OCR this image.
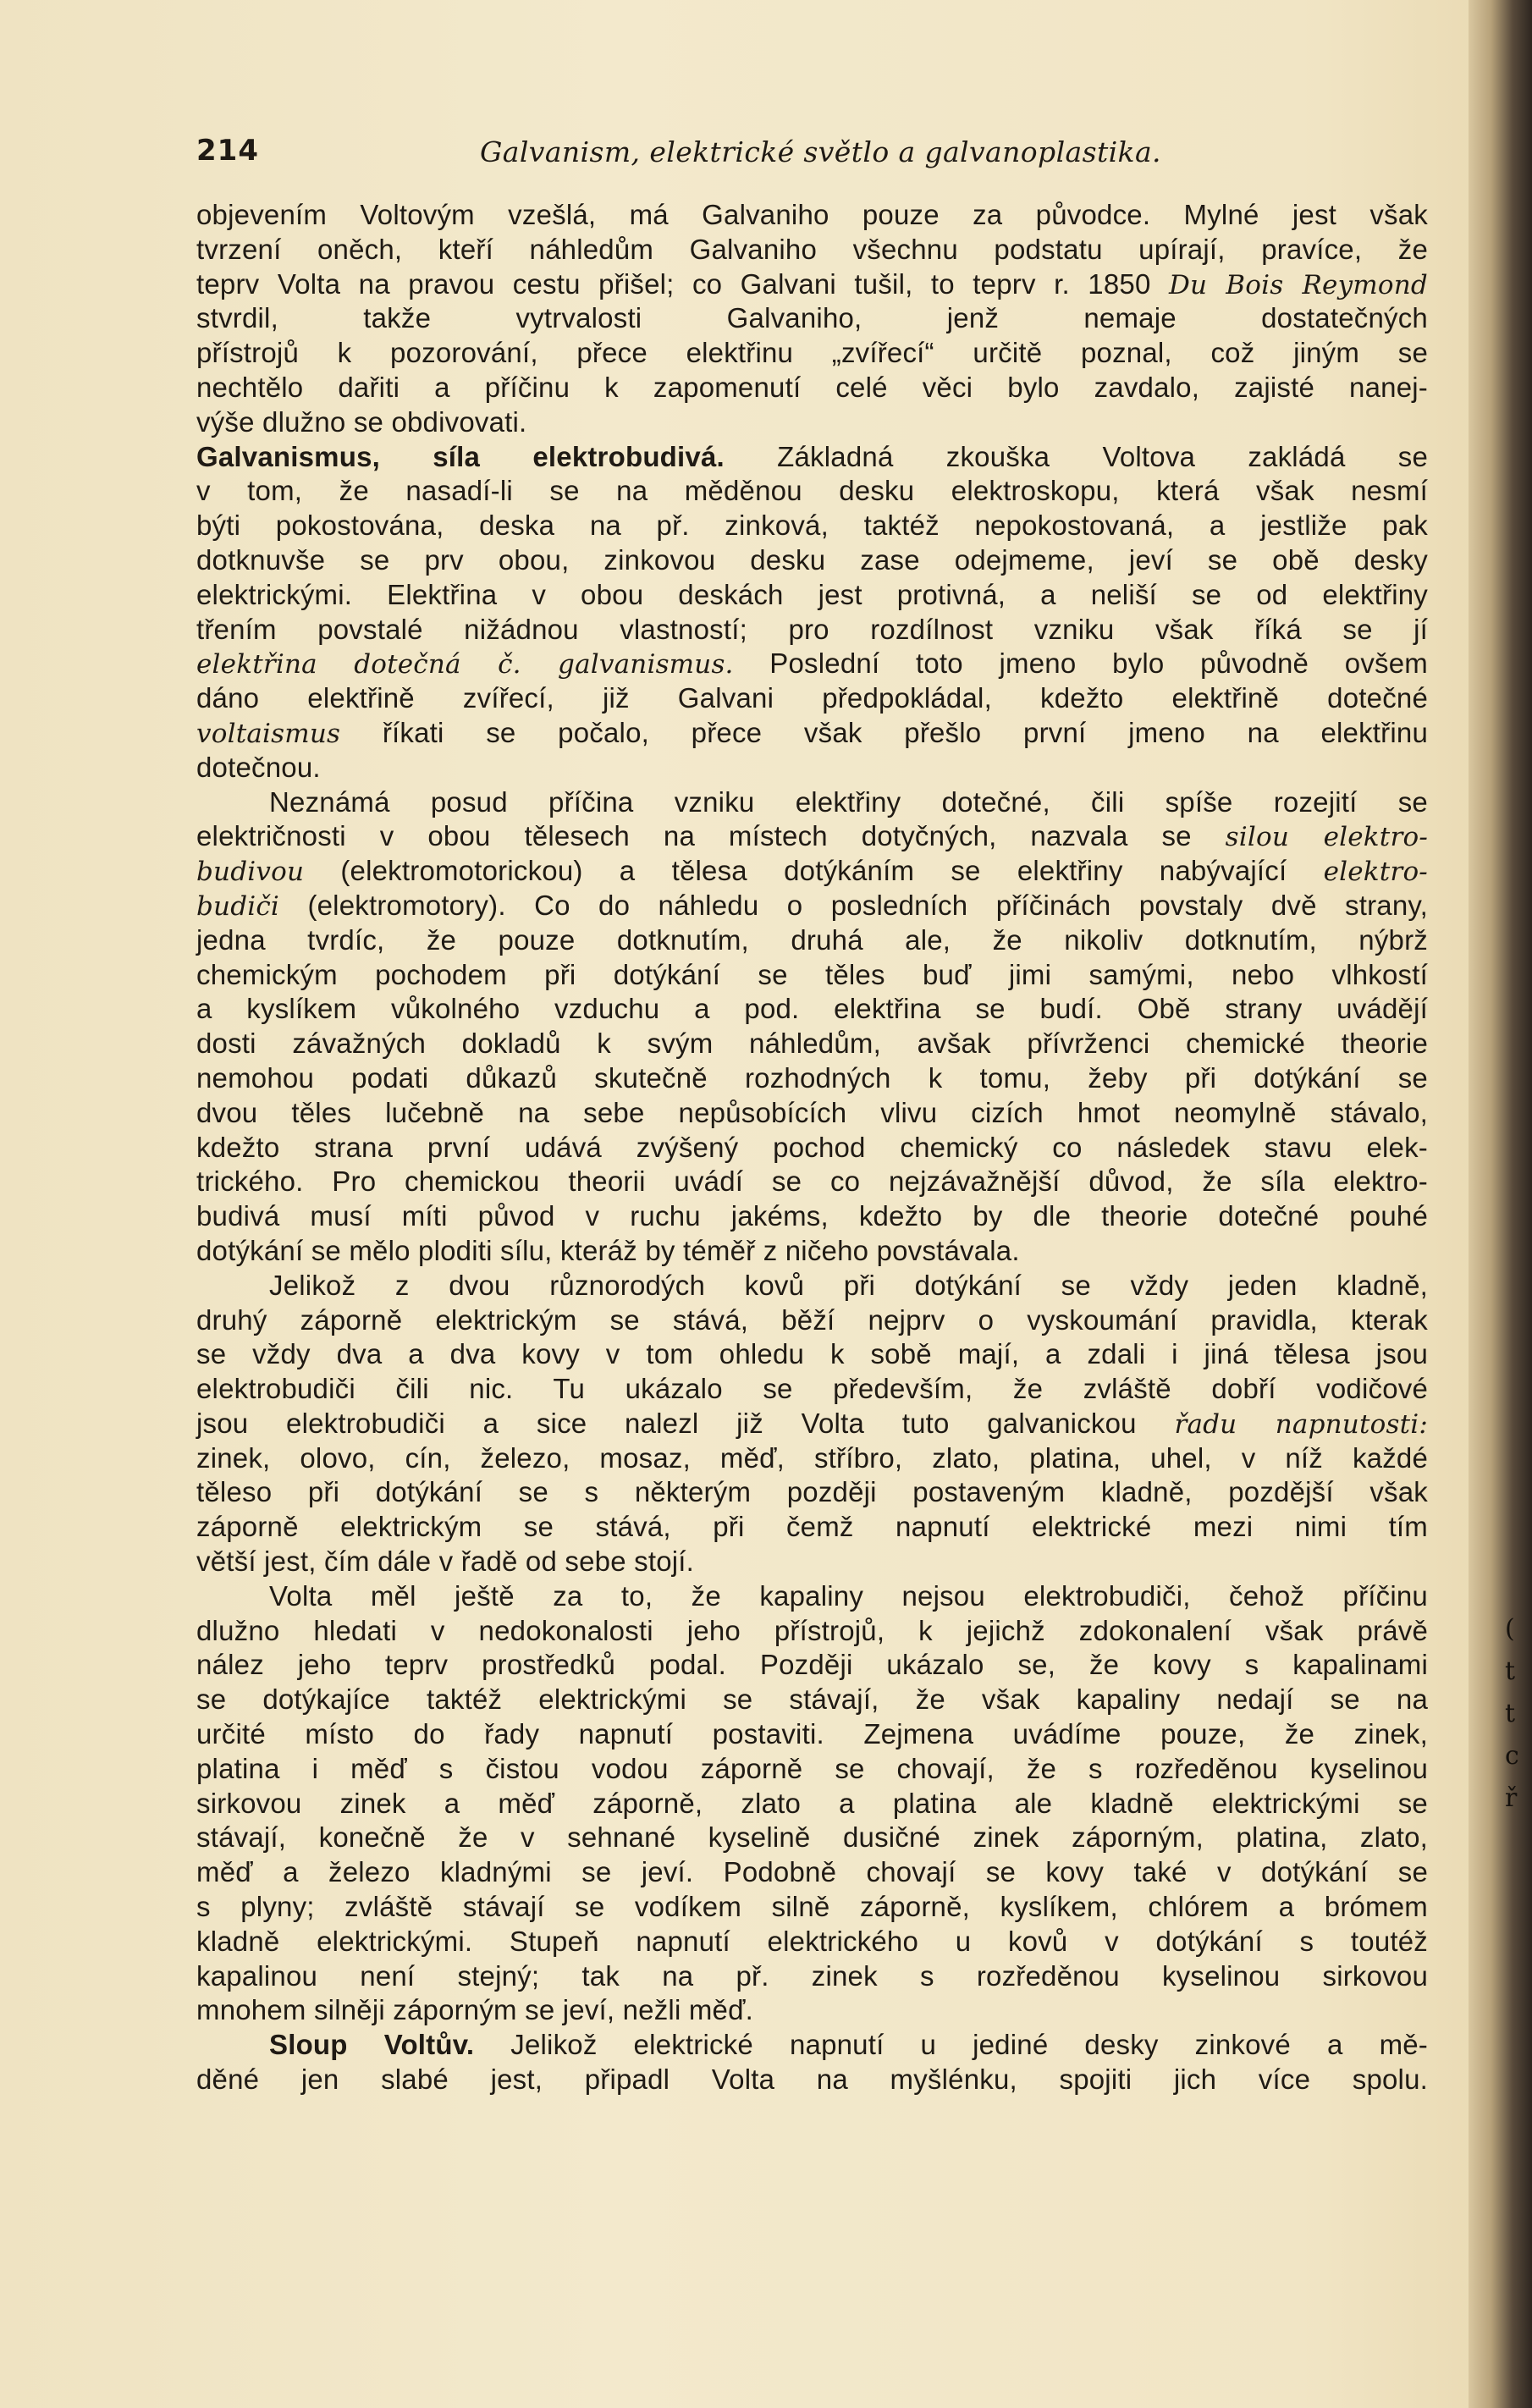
214	Galvanism, elektrické světlo a galvanoplastika.
objevením Voltovým vzešlá, má Galvaniho pouze za původce. Mylné jest však
tvrzení oněch, kteří náhledům Galvaniho všechnu podstatu upírají, pravíce, že
teprv Volta na pravou cestu přišel; co Galvani tušil, to teprv r. 1850 Du Bois Reymond
stvrdil, takže vytrvalosti Galvaniho, jenž nemaje dostatečných
přístrojů k pozorování, přece elektřinu „zvířecí“ určitě poznal, což jiným se
nechtělo dařiti a příčinu k zapomenutí celé věci bylo zavdalo, zajisté nanej-
výše dlužno se obdivovati.
Galvanismus, síla elektrobudivá. Základná zkouška Voltova zakládá se
v tom, že nasadí-li se na měděnou desku elektroskopu, která však nesmí
býti pokostována, deska na př. zinková, taktéž nepokostovaná, a jestliže pak
dotknuvše se prv obou, zinkovou desku zase odejmeme, jeví se obě desky
elektrickými. Elektřina v obou deskách jest protivná, a neliší se od elektřiny
třením povstalé nižádnou vlastností; pro rozdílnost vzniku však říká se jí
elektřina dotečná č. galvanismus. Poslední toto jmeno bylo původně ovšem
dáno elektřině zvířecí, již Galvani předpokládal, kdežto elektřině dotečné
voltaismus říkati se počalo, přece však přešlo první jmeno na elektřinu
dotečnou.
Neznámá posud příčina vzniku elektřiny dotečné, čili spíše rozejití se
električnosti v obou tělesech na místech dotyčných, nazvala se silou elektro-
budivou (elektromotorickou) a tělesa dotýkáním se elektřiny nabývající elektro-
budiči (elektromotory). Co do náhledu o posledních příčinách povstaly dvě strany,
jedna tvrdíc, že pouze dotknutím, druhá ale, že nikoliv dotknutím, nýbrž
chemickým pochodem při dotýkání se těles buď jimi samými, nebo vlhkostí
a kyslíkem vůkolného vzduchu a pod. elektřina se budí. Obě strany uvádějí
dosti závažných dokladů k svým náhledům, avšak přívrženci chemické theorie
nemohou podati důkazů skutečně rozhodných k tomu, žeby při dotýkání se
dvou těles lučebně na sebe nepůsobících vlivu cizích hmot neomylně stávalo,
kdežto strana první udává zvýšený pochod chemický co následek stavu elek-
trického. Pro chemickou theorii uvádí se co nejzávažnější důvod, že síla elektro-
budivá musí míti původ v ruchu jakéms, kdežto by dle theorie dotečné pouhé
dotýkání se mělo ploditi sílu, kteráž by téměř z ničeho povstávala.
Jelikož z dvou různorodých kovů při dotýkání se vždy jeden kladně,
druhý záporně elektrickým se stává, běží nejprv o vyskoumání pravidla, kterak
se vždy dva a dva kovy v tom ohledu k sobě mají, a zdali i jiná tělesa jsou
elektrobudiči čili nic. Tu ukázalo se především, že zvláště dobří vodičové
jsou elektrobudiči a sice nalezl již Volta tuto galvanickou řadu napnutosti:
zinek, olovo, cín, železo, mosaz, měď, stříbro, zlato, platina, uhel, v níž každé
těleso při dotýkání se s některým později postaveným kladně, pozdější však
záporně elektrickým se stává, při čemž napnutí elektrické mezi nimi tím
větší jest, čím dále v řadě od sebe stojí.
Volta měl ještě za to, že kapaliny nejsou elektrobudiči, čehož příčinu
dlužno hledati v nedokonalosti jeho přístrojů, k jejichž zdokonalení však právě
nález jeho teprv prostředků podal. Později ukázalo se, že kovy s kapalinami
se dotýkajíce taktéž elektrickými se stávají, že však kapaliny nedají se na
určité místo do řady napnutí postaviti. Zejmena uvádíme pouze, že zinek,
platina i měď s čistou vodou záporně se chovají, že s rozředěnou kyselinou
sirkovou zinek a měď záporně, zlato a platina ale kladně elektrickými se
stávají, konečně že v sehnané kyselině dusičné zinek záporným, platina, zlato,
měď a železo kladnými se jeví. Podobně chovají se kovy také v dotýkání se
s plyny; zvláště stávají se vodíkem silně záporně, kyslíkem, chlórem a brómem
kladně elektrickými. Stupeň napnutí elektrického u kovů v dotýkání s toutéž
kapalinou není stejný; tak na př. zinek s rozředěnou kyselinou sirkovou
mnohem silněji záporným se jeví, nežli měď.
Sloup Voltův. Jelikož elektrické napnutí u jediné desky zinkové a mě-
děné jen slabé jest, připadl Volta na myšlénku, spojiti jich více spolu.
(
t
t
c
ř
